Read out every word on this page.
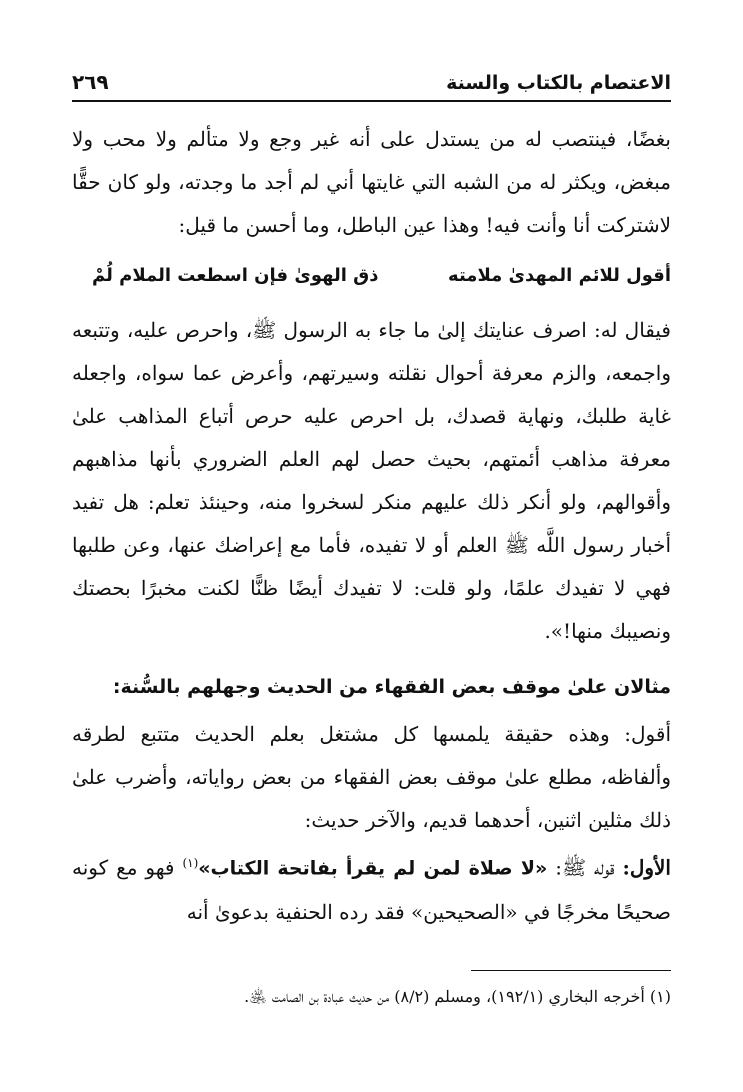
الاعتصام بالكتاب والسنة
٢٦٩

بغضًا، فينتصب له من يستدل على أنه غير وجع ولا متألم ولا محب ولا مبغض، ويكثر له من الشبه التي غايتها أني لم أجد ما وجدته، ولو كان حقًّا لاشتركت أنا وأنت فيه! وهذا عين الباطل، وما أحسن ما قيل:

أقول للائم المهدىٰ ملامته
ذق الهوىٰ فإن اسطعت الملام لُمْ

فيقال له: اصرف عنايتك إلىٰ ما جاء به الرسول ﷺ، واحرص عليه، وتتبعه واجمعه، والزم معرفة أحوال نقلته وسيرتهم، وأعرض عما سواه، واجعله غاية طلبك، ونهاية قصدك، بل احرص عليه حرص أتباع المذاهب علىٰ معرفة مذاهب أئمتهم، بحيث حصل لهم العلم الضروري بأنها مذاهبهم وأقوالهم، ولو أنكر ذلك عليهم منكر لسخروا منه، وحينئذ تعلم: هل تفيد أخبار رسول اللَّه ﷺ العلم أو لا تفيده، فأما مع إعراضك عنها، وعن طلبها فهي لا تفيدك علمًا، ولو قلت: لا تفيدك أيضًا ظنًّا لكنت مخبرًا بحصتك ونصيبك منها!».

مثالان علىٰ موقف بعض الفقهاء من الحديث وجهلهم بالسُّنة:

أقول: وهذه حقيقة يلمسها كل مشتغل بعلم الحديث متتبع لطرقه وألفاظه، مطلع علىٰ موقف بعض الفقهاء من بعض رواياته، وأضرب علىٰ ذلك مثلين اثنين، أحدهما قديم، والآخر حديث:

الأول: قوله ﷺ: «لا صلاة لمن لم يقرأ بفاتحة الكتاب»$^{(١)}$ فهو مع كونه صحيحًا مخرجًا في «الصحيحين» فقد رده الحنفية بدعوىٰ أنه

(١) أخرجه البخاري (١٩٢/١)، ومسلم (٨/٢) من حديث عبادة بن الصامت ﵁.
